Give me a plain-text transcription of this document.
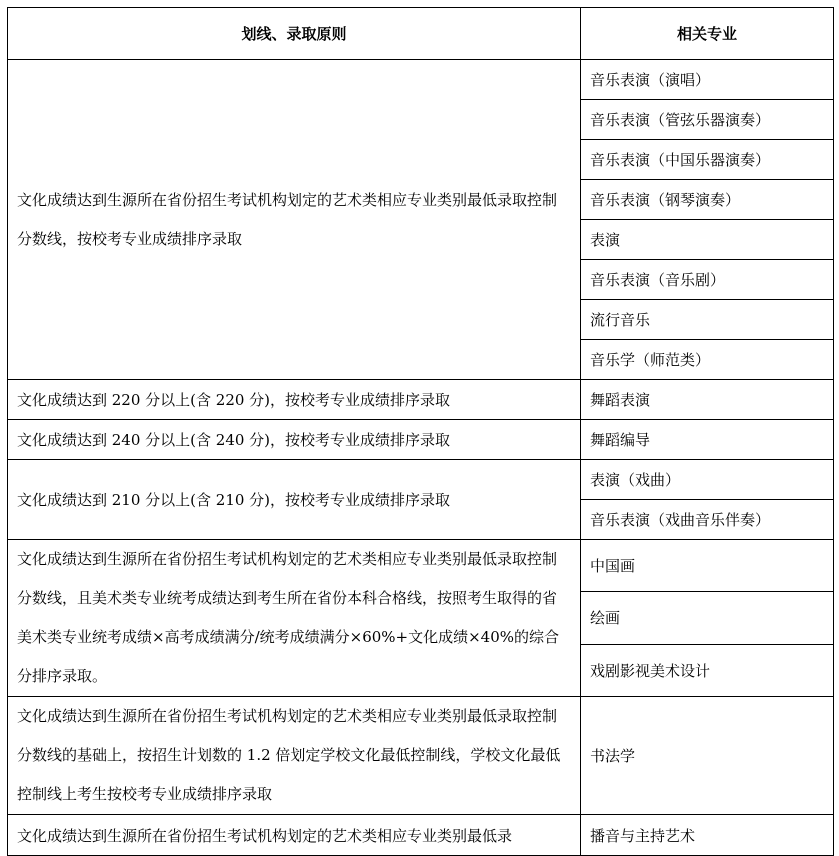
划线、录取原则	相关专业
文化成绩达到生源所在省份招生考试机构划定的艺术类相应专业类别最低录取控制分数线，按校考专业成绩排序录取	音乐表演（演唱）
	音乐表演（管弦乐器演奏）
	音乐表演（中国乐器演奏）
	音乐表演（钢琴演奏）
	表演
	音乐表演（音乐剧）
	流行音乐
	音乐学（师范类）
文化成绩达到 220 分以上(含 220 分)，按校考专业成绩排序录取	舞蹈表演
文化成绩达到 240 分以上(含 240 分)，按校考专业成绩排序录取	舞蹈编导
文化成绩达到 210 分以上(含 210 分)，按校考专业成绩排序录取	表演（戏曲）
	音乐表演（戏曲音乐伴奏）
文化成绩达到生源所在省份招生考试机构划定的艺术类相应专业类别最低录取控制分数线，且美术类专业统考成绩达到考生所在省份本科合格线，按照考生取得的省美术类专业统考成绩×高考成绩满分/统考成绩满分×60%+文化成绩×40%的综合分排序录取。	中国画
	绘画
	戏剧影视美术设计
文化成绩达到生源所在省份招生考试机构划定的艺术类相应专业类别最低录取控制分数线的基础上，按招生计划数的 1.2 倍划定学校文化最低控制线，学校文化最低控制线上考生按校考专业成绩排序录取	书法学
文化成绩达到生源所在省份招生考试机构划定的艺术类相应专业类别最低录	播音与主持艺术
